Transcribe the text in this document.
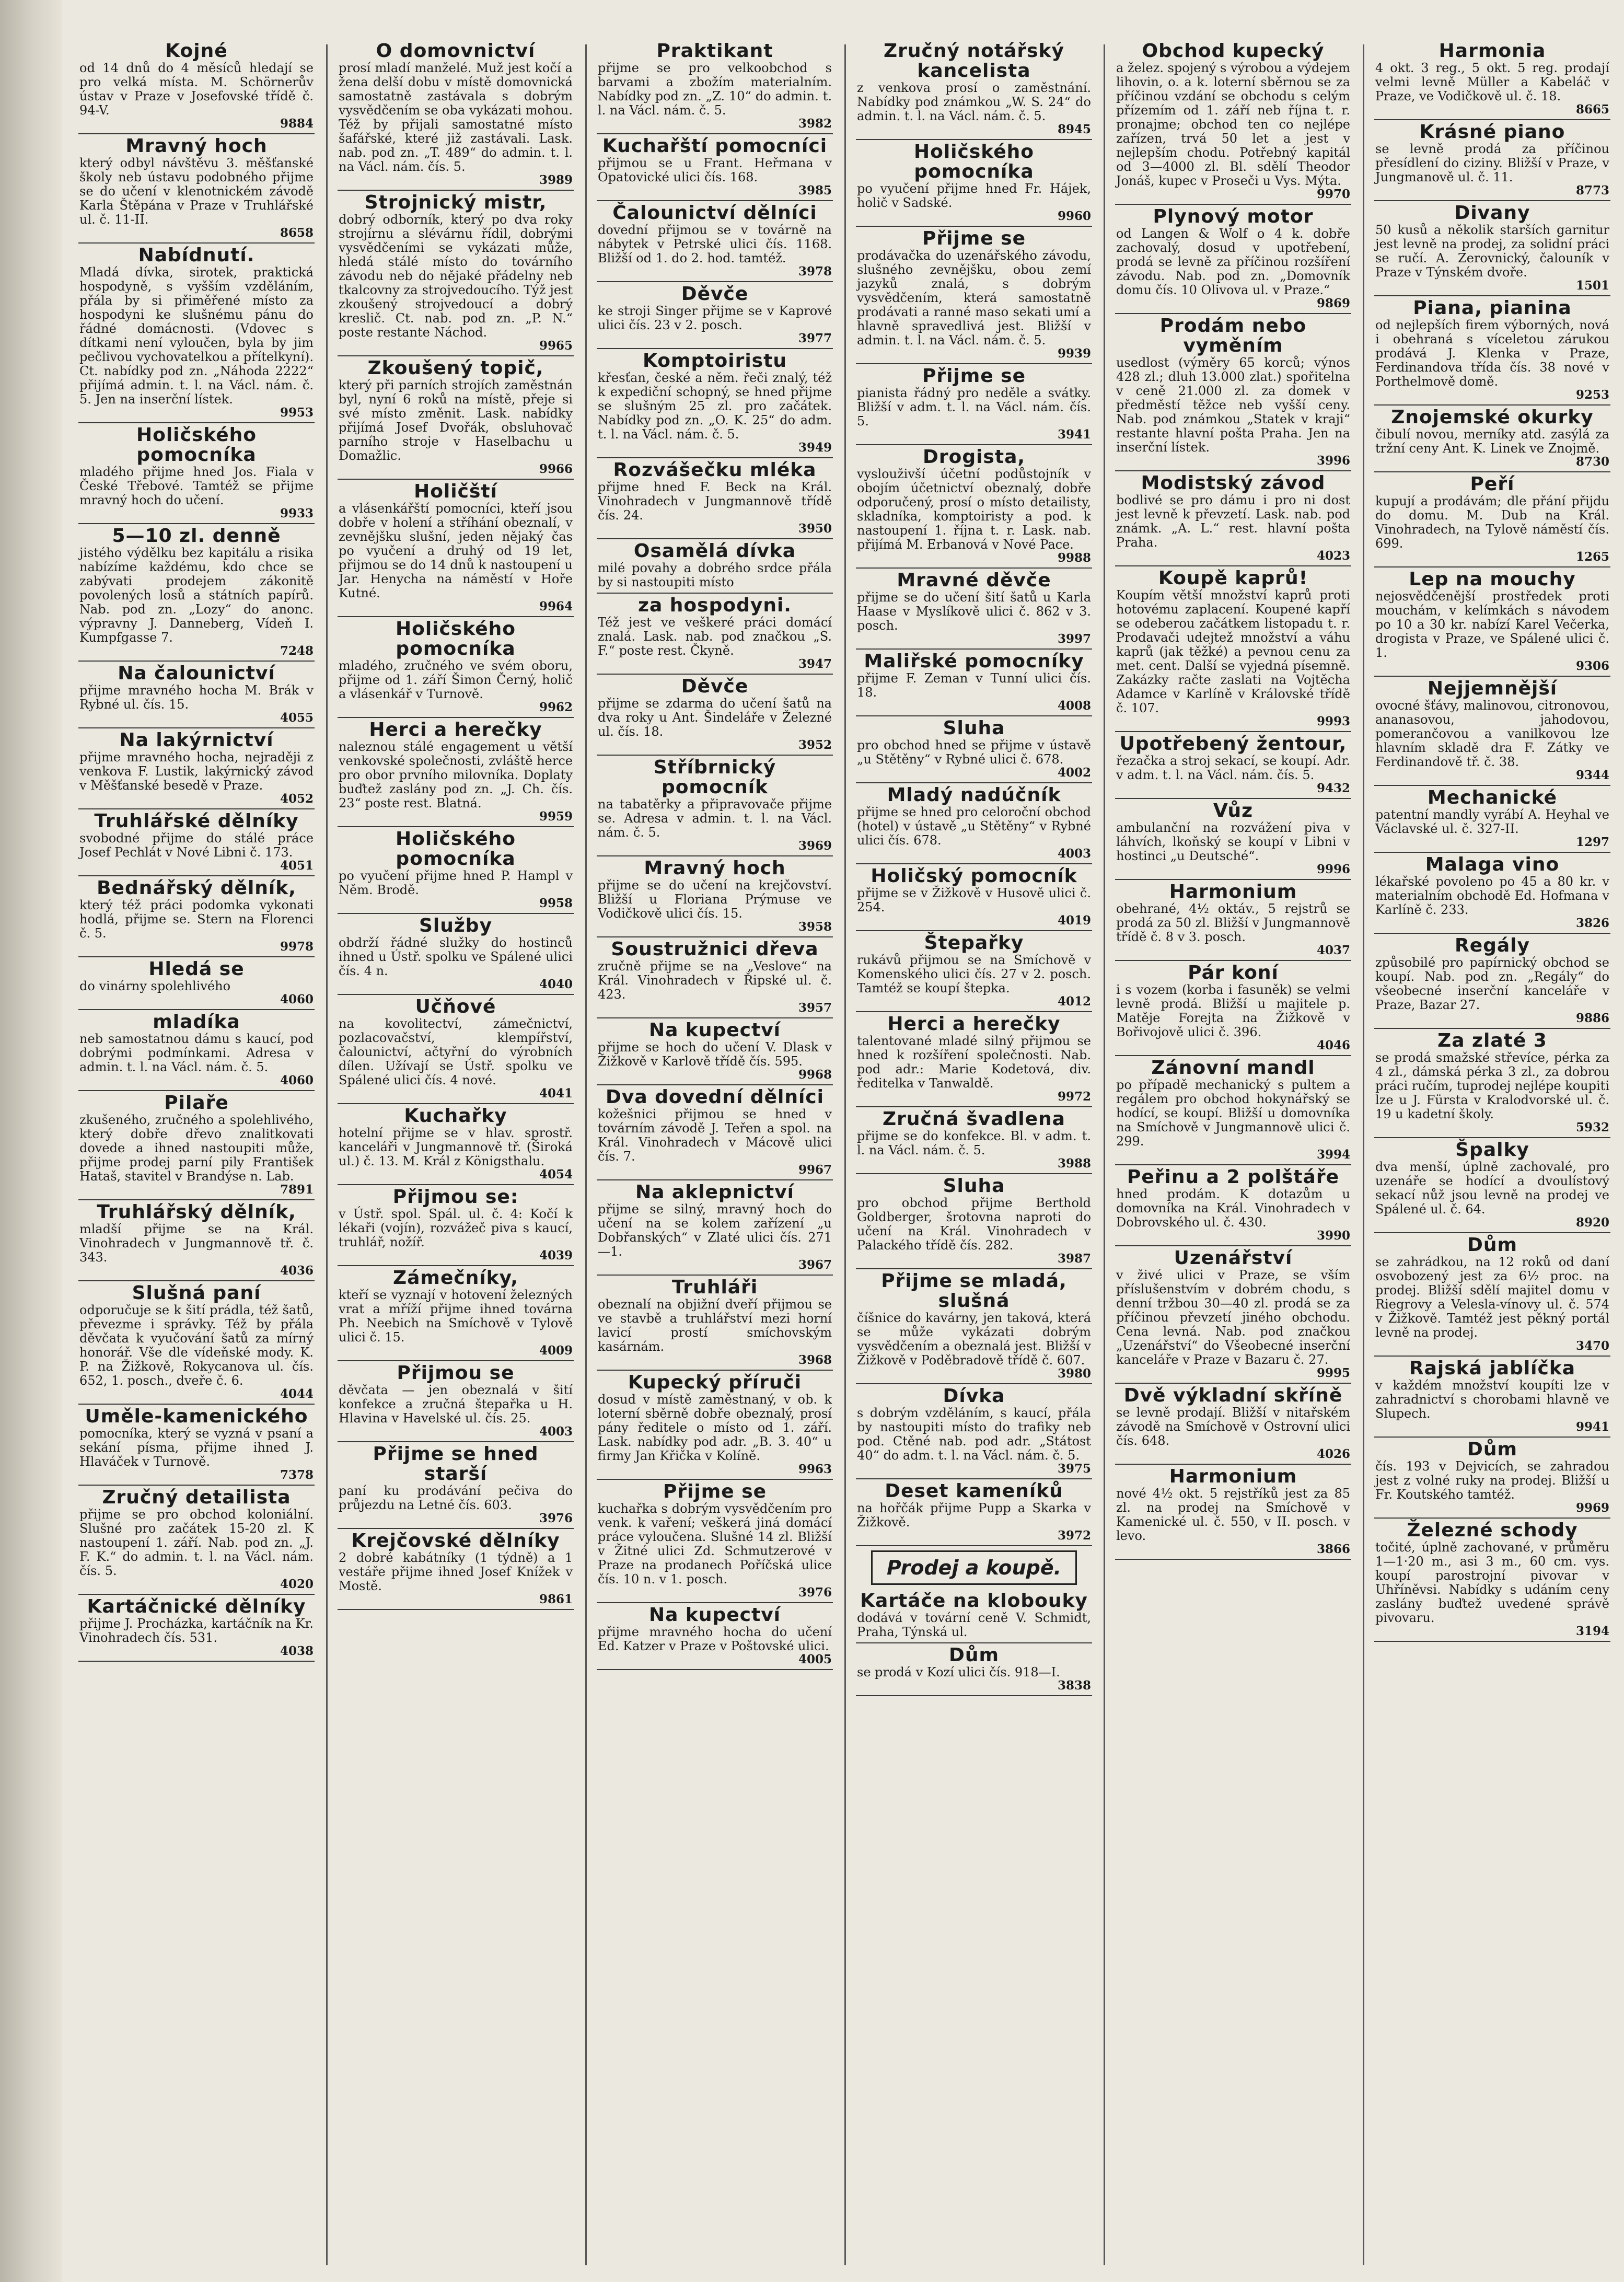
Kojné
od 14 dnů do 4 měsíců hledají se pro velká místa. M. Schörnerův ústav v Praze v Josefovské třídě č. 94-V.
9884
Mravný hoch
který odbyl návštěvu 3. měšťanské školy neb ústavu podobného přijme se do učení v klenotnickém závodě Karla Štěpána v Praze v Truhlářské ul. č. 11-II.
8658
Nabídnutí.
Mladá dívka, sirotek, praktická hospodyně, s vyšším vzděláním, přála by si přiměřené místo za hospodyni ke slušnému pánu do řádné domácnosti. (Vdovec s dítkami není vyloučen, byla by jim pečlivou vychovatelkou a přítelkyní). Ct. nabídky pod zn. „Náhoda 2222“ přijímá admin. t. l. na Václ. nám. č. 5. Jen na inserční lístek.
9953
Holičského pomocníka
mladého přijme hned Jos. Fiala v České Třebové. Tamtéž se přijme mravný hoch do učení.
9933
5—10 zl. denně
jistého výdělku bez kapitálu a risika nabízíme každému, kdo chce se zabývati prodejem zákonitě povolených losů a státních papírů. Nab. pod zn. „Lozy“ do anonc. výpravny J. Danneberg, Vídeň I. Kumpfgasse 7.
7248
Na čalounictví
přijme mravného hocha M. Brák v Rybné ul. čís. 15.
4055
Na lakýrnictví
přijme mravného hocha, nejraději z venkova F. Lustik, lakýrnický závod v Měšťanské besedě v Praze.
4052
Truhlářské dělníky
svobodné přijme do stálé práce Josef Pechlát v Nové Libni č. 173.
4051
Bednářský dělník,
který též práci podomka vykonati hodlá, přijme se. Stern na Florenci č. 5.
9978
Hledá se
do vinárny spolehlivého
4060
mladíka
neb samostatnou dámu s kaucí, pod dobrými podmínkami. Adresa v admin. t. l. na Václ. nám. č. 5.
4060
Pilaře
zkušeného, zručného a spolehlivého, který dobře dřevo znalitkovati dovede a ihned nastoupiti může, přijme prodej parní pily František Hataš, stavitel v Brandýse n. Lab.
7891
Truhlářský dělník,
mladší přijme se na Král. Vinohradech v Jungmannově tř. č. 343.
4036
Slušná paní
odporučuje se k šití prádla, též šatů, převezme i správky. Též by přála děvčata k vyučování šatů za mírný honorář. Vše dle vídeňské mody. K. P. na Žižkově, Rokycanova ul. čís. 652, 1. posch., dveře č. 6.
4044
Uměle-kamenického
pomocníka, který se vyzná v psaní a sekání písma, přijme ihned J. Hlaváček v Turnově.
7378
Zručný detailista
přijme se pro obchod koloniální. Slušné pro začátek 15-20 zl. K nastoupení 1. září. Nab. pod zn. „J. F. K.“ do admin. t. l. na Václ. nám. čís. 5.
4020
Kartáčnické dělníky
přijme J. Procházka, kartáčník na Kr. Vinohradech čís. 531.
4038
O domovnictví
prosí mladí manželé. Muž jest kočí a žena delší dobu v místě domovnická samostatně zastávala s dobrým vysvědčením se oba vykázati mohou. Též by přijali samostatné místo šafářské, které již zastávali. Lask. nab. pod zn. „T. 489“ do admin. t. l. na Václ. nám. čís. 5.
3989
Strojnický mistr,
dobrý odborník, který po dva roky strojírnu a slévárnu řídil, dobrými vysvědčeními se vykázati může, hledá stálé místo do továrního závodu neb do nějaké přádelny neb tkalcovny za strojvedoucího. Týž jest zkoušený strojvedoucí a dobrý kreslič. Ct. nab. pod zn. „P. N.“ poste restante Náchod.
9965
Zkoušený topič,
který při parních strojích zaměstnán byl, nyní 6 roků na místě, přeje si své místo změnit. Lask. nabídky přijímá Josef Dvořák, obsluhovač parního stroje v Haselbachu u Domažlic.
9966
Holičští
a vlásenkářští pomocníci, kteří jsou dobře v holení a stříhání obeznalí, v zevnějšku slušní, jeden nějaký čas po vyučení a druhý od 19 let, přijmou se do 14 dnů k nastoupení u Jar. Henycha na náměstí v Hoře Kutné.
9964
Holičského pomocníka
mladého, zručného ve svém oboru, přijme od 1. září Šimon Černý, holič a vlásenkář v Turnově.
9962
Herci a herečky
naleznou stálé engagement u větší venkovské společnosti, zvláště herce pro obor prvního milovníka. Doplaty buďtež zaslány pod zn. „J. Ch. čís. 23“ poste rest. Blatná.
9959
Holičského pomocníka
po vyučení přijme hned P. Hampl v Něm. Brodě.
9958
Služby
obdrží řádné služky do hostinců ihned u Ústř. spolku ve Spálené ulici čís. 4 n.
4040
Učňové
na kovolitectví, zámečnictví, pozlacovačství, klempířství, čalounictví, ačtyřní do výrobních dílen. Užívají se Ústř. spolku ve Spálené ulici čís. 4 nové.
4041
Kuchařky
hotelní přijme se v hlav. sprostř. kanceláři v Jungmannově tř. (Široká ul.) č. 13. M. Král z Königsthalu.
4054
Přijmou se:
v Ústř. spol. Spál. ul. č. 4: Kočí k lékaři (vojín), rozvážeč piva s kaucí, truhlář, nožíř.
4039
Zámečníky,
kteří se vyznají v hotovení železných vrat a mříží přijme ihned továrna Ph. Neebich na Smíchově v Tylově ulici č. 15.
4009
Přijmou se
děvčata — jen obeznalá v šití konfekce a zručná štepařka u H. Hlavina v Havelské ul. čís. 25.
4003
Přijme se hned starší
paní ku prodávání pečiva do průjezdu na Letné čís. 603.
3976
Krejčovské dělníky
2 dobré kabátníky (1 týdně) a 1 vestáře přijme ihned Josef Knížek v Mostě.
9861
Praktikant
přijme se pro velkoobchod s barvami a zbožím materialním. Nabídky pod zn. „Z. 10“ do admin. t. l. na Václ. nám. č. 5.
3982
Kuchařští pomocníci
přijmou se u Frant. Heřmana v Opatovické ulici čís. 168.
3985
Čalounictví dělníci
dovední přijmou se v továrně na nábytek v Petrské ulici čís. 1168. Bližší od 1. do 2. hod. tamtéž.
3978
Děvče
ke stroji Singer přijme se v Kaprové ulici čís. 23 v 2. posch.
3977
Komptoiristu
křesťan, české a něm. řeči znalý, též k expediční schopný, se hned přijme se slušným 25 zl. pro začátek. Nabídky pod zn. „O. K. 25“ do adm. t. l. na Václ. nám. č. 5.
3949
Rozvášečku mléka
přijme hned F. Beck na Král. Vinohradech v Jungmannově třídě čís. 24.
3950
Osamělá dívka
milé povahy a dobrého srdce přála by si nastoupiti místo
za hospodyni.
Též jest ve veškeré práci domácí znalá. Lask. nab. pod značkou „S. F.“ poste rest. Čkyně.
3947
Děvče
přijme se zdarma do učení šatů na dva roky u Ant. Šindeláře v Železné ul. čís. 18.
3952
Stříbrnický pomocník
na tabatěrky a připravovače přijme se. Adresa v admin. t. l. na Václ. nám. č. 5.
3969
Mravný hoch
přijme se do učení na krejčovství. Bližší u Floriana Prýmuse ve Vodičkově ulici čís. 15.
3958
Soustružnici dřeva
zručně přijme se na „Veslove“ na Král. Vinohradech v Řipské ul. č. 423.
3957
Na kupectví
přijme se hoch do učení V. Dlask v Žižkově v Karlově třídě čís. 595.
9968
Dva dovední dělníci
kožešnici přijmou se hned v továrním závodě J. Teřen a spol. na Král. Vinohradech v Mácově ulici čís. 7.
9967
Na aklepnictví
přijme se silný, mravný hoch do učení na se kolem zařízení „u Dobřanských“ v Zlaté ulici čís. 271—1.
3967
Truhláři
obeznalí na objižní dveří přijmou se ve stavbě a truhlářství mezi horní lavicí prostí smíchovským kasárnám.
3968
Kupecký příruči
dosud v místě zaměstnaný, v ob. k loterní sběrně dobře obeznalý, prosí pány ředitele o místo od 1. září. Lask. nabídky pod adr. „B. 3. 40“ u firmy Jan Křička v Kolíně.
9963
Přijme se
kuchařka s dobrým vysvědčením pro venk. k vaření; veškerá jiná domácí práce vyloučena. Slušné 14 zl. Bližší v Žitné ulici Zd. Schmutzerové v Praze na prodanech Poříčská ulice čís. 10 n. v 1. posch.
3976
Na kupectví
přijme mravného hocha do učení Ed. Katzer v Praze v Poštovské ulici.
4005
Zručný notářský kancelista
z venkova prosí o zaměstnání. Nabídky pod známkou „W. S. 24“ do admin. t. l. na Václ. nám. č. 5.
8945
Holičského pomocníka
po vyučení přijme hned Fr. Hájek, holič v Sadské.
9960
Přijme se
prodávačka do uzenářského závodu, slušného zevnějšku, obou zemí jazyků znalá, s dobrým vysvědčením, která samostatně prodávati a ranné maso sekati umí a hlavně spravedlivá jest. Bližší v admin. t. l. na Václ. nám. č. 5.
9939
Přijme se
pianista řádný pro neděle a svátky. Bližší v adm. t. l. na Václ. nám. čís. 5.
3941
Drogista,
vyslouživší účetní podůstojník v obojím účetnictví obeznalý, dobře odporučený, prosí o místo detailisty, skladníka, komptoiristy a pod. k nastoupení 1. října t. r. Lask. nab. přijímá M. Erbanová v Nové Pace.
9988
Mravné děvče
přijme se do učení šití šatů u Karla Haase v Myslíkově ulici č. 862 v 3. posch.
3997
Maliřské pomocníky
přijme F. Zeman v Tunní ulici čís. 18.
4008
Sluha
pro obchod hned se přijme v ústavě „u Stětěny“ v Rybné ulici č. 678.
4002
Mladý nadúčník
přijme se hned pro celoroční obchod (hotel) v ústavě „u Stětěny“ v Rybné ulici čís. 678.
4003
Holičský pomocník
přijme se v Žižkově v Husově ulici č. 254.
4019
Štepařky
rukávů přijmou se na Smíchově v Komenského ulici čís. 27 v 2. posch. Tamtéž se koupí štepka.
4012
Herci a herečky
talentované mladé silný přijmou se hned k rozšíření společnosti. Nab. pod adr.: Marie Kodetová, div. ředitelka v Tanwaldě.
9972
Zručná švadlena
přijme se do konfekce. Bl. v adm. t. l. na Václ. nám. č. 5.
3988
Sluha
pro obchod přijme Berthold Goldberger, šrotovna naproti do učení na Král. Vinohradech v Palackého třídě čís. 282.
3987
Přijme se mladá, slušná
číšnice do kavárny, jen taková, která se může vykázati dobrým vysvědčením a obeznalá jest. Bližší v Žižkově v Poděbradově třídě č. 607.
3980
Dívka
s dobrým vzděláním, s kaucí, přála by nastoupiti místo do trafiky neb pod. Ctěné nab. pod adr. „Státost 40“ do adm. t. l. na Václ. nám. č. 5.
3975
Deset kameníků
na hořčák přijme Pupp a Skarka v Žižkově.
3972
Prodej a koupě.
Kartáče na klobouky
dodává v tovární ceně V. Schmidt, Praha, Týnská ul.
Dům
se prodá v Kozí ulici čís. 918—I.
3838
Obchod kupecký
a želez. spojený s výrobou a výdejem lihovin, o. a k. loterní sběrnou se za příčinou vzdání se obchodu s celým přízemím od 1. září neb října t. r. pronajme; obchod ten co nejlépe zařízen, trvá 50 let a jest v nejlepším chodu. Potřebný kapitál od 3—4000 zl. Bl. sdělí Theodor Jonáš, kupec v Proseči u Vys. Mýta.
9970
Plynový motor
od Langen & Wolf o 4 k. dobře zachovalý, dosud v upotřebení, prodá se levně za příčinou rozšíření závodu. Nab. pod zn. „Domovník domu čís. 10 Olivova ul. v Praze.“
9869
Prodám nebo vyměním
usedlost (výměry 65 korců; výnos 428 zl.; dluh 13.000 zlat.) spořitelna v ceně 21.000 zl. za domek v předměstí těžce neb vyšší ceny. Nab. pod známkou „Statek v kraji“ restante hlavní pošta Praha. Jen na inserční lístek.
3996
Modistský závod
bodlivé se pro dámu i pro ni dost jest levně k převzetí. Lask. nab. pod známk. „A. L.“ rest. hlavní pošta Praha.
4023
Koupě kaprů!
Koupím větší množství kaprů proti hotovému zaplacení. Koupené kapří se odeberou začátkem listopadu t. r. Prodavači udejtež množství a váhu kaprů (jak těžké) a pevnou cenu za met. cent. Další se vyjedná písemně. Zakázky račte zaslati na Vojtěcha Adamce v Karlíně v Královské třídě č. 107.
9993
Upotřebený žentour,
řezačka a stroj sekací, se koupí. Adr. v adm. t. l. na Václ. nám. čís. 5.
9432
Vůz
ambulanční na rozvážení piva v láhvích, lkoňský se koupí v Libni v hostinci „u Deutsché“.
9996
Harmonium
obehrané, 4½ oktáv., 5 rejstrů se prodá za 50 zl. Bližší v Jungmannově třídě č. 8 v 3. posch.
4037
Pár koní
i s vozem (korba i fasuněk) se velmi levně prodá. Bližší u majitele p. Matěje Forejta na Žižkově v Bořivojově ulici č. 396.
4046
Zánovní mandl
po případě mechanický s pultem a regálem pro obchod hokynářský se hodící, se koupí. Bližší u domovníka na Smíchově v Jungmannově ulici č. 299.
3994
Peřinu a 2 polštáře
hned prodám. K dotazům u domovníka na Král. Vinohradech v Dobrovského ul. č. 430.
3990
Uzenářství
v živé ulici v Praze, se vším příslušenstvím v dobrém chodu, s denní tržbou 30—40 zl. prodá se za příčinou převzetí jiného obchodu. Cena levná. Nab. pod značkou „Uzenářství“ do Všeobecné inserční kanceláře v Praze v Bazaru č. 27.
9995
Dvě výkladní skříně
se levně prodají. Bližší v nitařském závodě na Smíchově v Ostrovní ulici čís. 648.
4026
Harmonium
nové 4½ okt. 5 rejstříků jest za 85 zl. na prodej na Smíchově v Kamenické ul. č. 550, v II. posch. v levo.
3866
Harmonia
4 okt. 3 reg., 5 okt. 5 reg. prodají velmi levně Müller a Kabeláč v Praze, ve Vodičkově ul. č. 18.
8665
Krásné piano
se levně prodá za příčinou přesídlení do ciziny. Bližší v Praze, v Jungmanově ul. č. 11.
8773
Divany
50 kusů a několik starších garnitur jest levně na prodej, za solidní práci se ručí. A. Zerovnický, čalouník v Praze v Týnském dvoře.
1501
Piana, pianina
od nejlepších firem výborných, nová i obehraná s víceletou zárukou prodává J. Klenka v Praze, Ferdinandova třída čís. 38 nové v Porthelmově domě.
9253
Znojemské okurky
čibulí novou, merníky atd. zasýlá za tržní ceny Ant. K. Linek ve Znojmě.
8730
Peří
kupují a prodávám; dle přání přijdu do domu. M. Dub na Král. Vinohradech, na Tylově náměstí čís. 699.
1265
Lep na mouchy
nejosvědčenější prostředek proti mouchám, v kelímkách s návodem po 10 a 30 kr. nabízí Karel Večerka, drogista v Praze, ve Spálené ulici č. 1.
9306
Nejjemnější
ovocné šťávy, malinovou, citronovou, ananasovou, jahodovou, pomerančovou a vanilkovou lze hlavním skladě dra F. Zátky ve Ferdinandově tř. č. 38.
9344
Mechanické
patentní mandly vyrábí A. Heyhal ve Václavské ul. č. 327-II.
1297
Malaga vino
lékařské povoleno po 45 a 80 kr. v materialním obchodě Ed. Hofmana v Karlíně č. 233.
3826
Regály
způsobilé pro papírnický obchod se koupí. Nab. pod zn. „Regály“ do všeobecné inserční kanceláře v Praze, Bazar 27.
9886
Za zlaté 3
se prodá smažské střevíce, pérka za 4 zl., dámská pérka 3 zl., za dobrou práci ručím, tuprodej nejlépe koupiti lze u J. Fürsta v Kralodvorské ul. č. 19 u kadetní školy.
5932
Špalky
dva menší, úplně zachovalé, pro uzenáře se hodící a dvoulístový sekací nůž jsou levně na prodej ve Spálené ul. č. 64.
8920
Dům
se zahrádkou, na 12 roků od daní osvobozený jest za 6½ proc. na prodej. Bližší sdělí majitel domu v Riegrovy a Velesla-vínovy ul. č. 574 v Žižkově. Tamtéž jest pěkný portál levně na prodej.
3470
Rajská jablíčka
v každém množství koupíti lze v zahradnictví s chorobami hlavně ve Slupech.
9941
Dům
čís. 193 v Dejvicích, se zahradou jest z volné ruky na prodej. Bližší u Fr. Koutského tamtéž.
9969
Železné schody
točité, úplně zachované, v průměru 1—1·20 m., asi 3 m., 60 cm. vys. koupí parostrojní pivovar v Uhříněvsi. Nabídky s udáním ceny zaslány buďtež uvedené správě pivovaru.
3194
